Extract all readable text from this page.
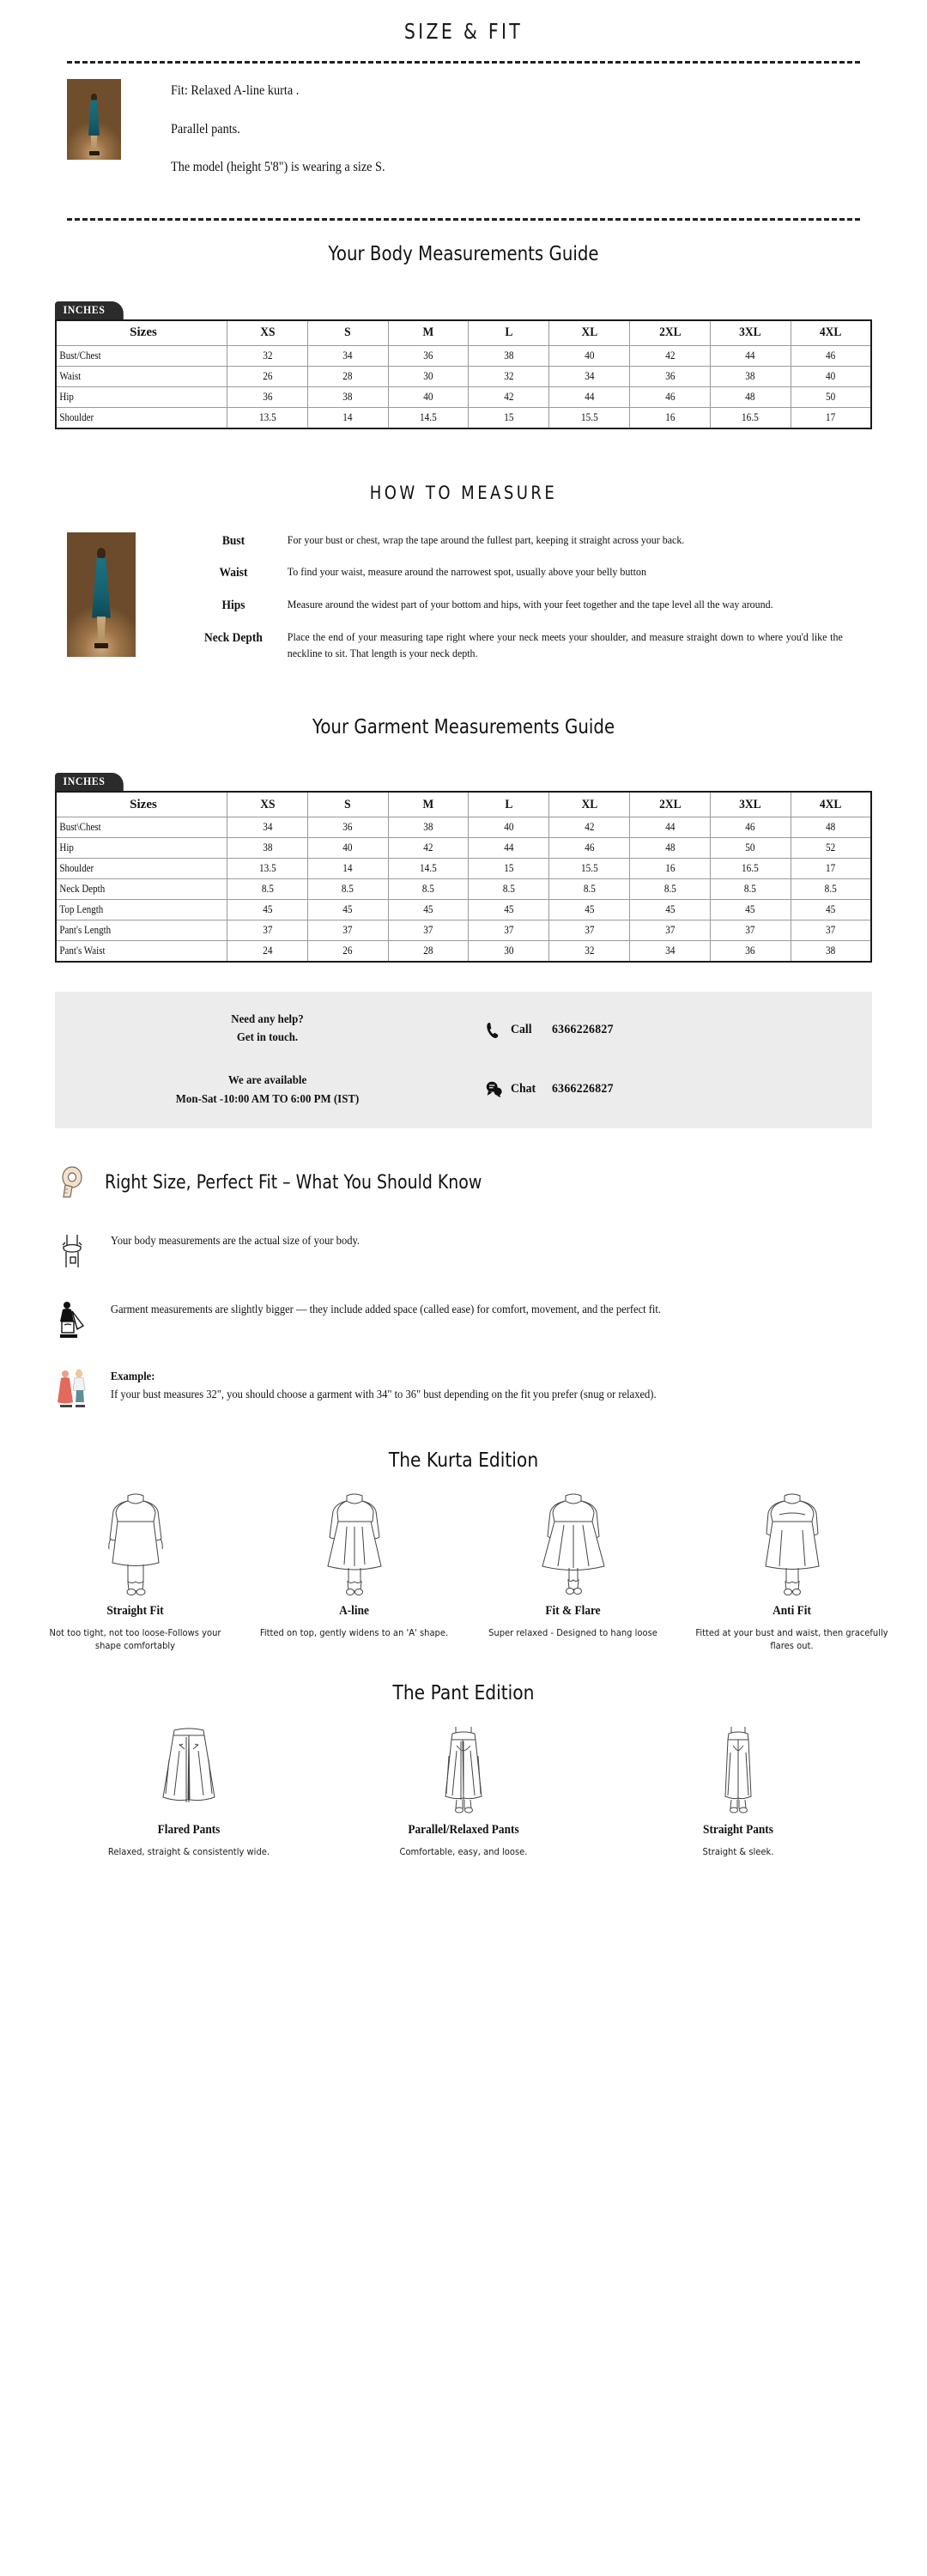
SIZE & FIT

Fit: Relaxed A-line kurta .

Parallel pants.

The model (height 5'8") is wearing a size S.

Your Body Measurements Guide
INCHES
Sizes	XS	S	M	L	XL	2XL	3XL	4XL
Bust/Chest	32	34	36	38	40	42	44	46
Waist	26	28	30	32	34	36	38	40
Hip	36	38	40	42	44	46	48	50
Shoulder	13.5	14	14.5	15	15.5	16	16.5	17
HOW TO MEASURE
Bust	For your bust or chest, wrap the tape around the fullest part, keeping it straight across your back.
Waist	To find your waist, measure around the narrowest spot, usually above your belly button
Hips	Measure around the widest part of your bottom and hips, with your feet together and the tape level all the way around.
Neck Depth	Place the end of your measuring tape right where your neck meets your shoulder, and measure straight down to where you'd like the neckline to sit. That length is your neck depth.
Your Garment Measurements Guide
INCHES
Sizes	XS	S	M	L	XL	2XL	3XL	4XL
Bust\Chest	34	36	38	40	42	44	46	48
Hip	38	40	42	44	46	48	50	52
Shoulder	13.5	14	14.5	15	15.5	16	16.5	17
Neck Depth	8.5	8.5	8.5	8.5	8.5	8.5	8.5	8.5
Top Length	45	45	45	45	45	45	45	45
Pant's Length	37	37	37	37	37	37	37	37
Pant's Waist	24	26	28	30	32	34	36	38
Need any help?
Get in touch.
We are available
Mon-Sat -10:00 AM TO 6:00 PM (IST)
Call	6366226827
Chat	6366226827
Right Size, Perfect Fit – What You Should Know
Your body measurements are the actual size of your body.
Garment measurements are slightly bigger — they include added space (called ease) for comfort, movement, and the perfect fit.
Example:
If your bust measures 32", you should choose a garment with 34" to 36" bust depending on the fit you prefer (snug or relaxed).
The Kurta Edition
Straight Fit
Not too tight, not too loose-Follows your shape comfortably
A-line
Fitted on top, gently widens to an 'A' shape.
Fit & Flare
Super relaxed - Designed to hang loose
Anti Fit
Fitted at your bust and waist, then gracefully flares out.
The Pant Edition
Flared Pants
Relaxed, straight & consistently wide.
Parallel/Relaxed Pants
Comfortable, easy, and loose.
Straight Pants
Straight & sleek.
